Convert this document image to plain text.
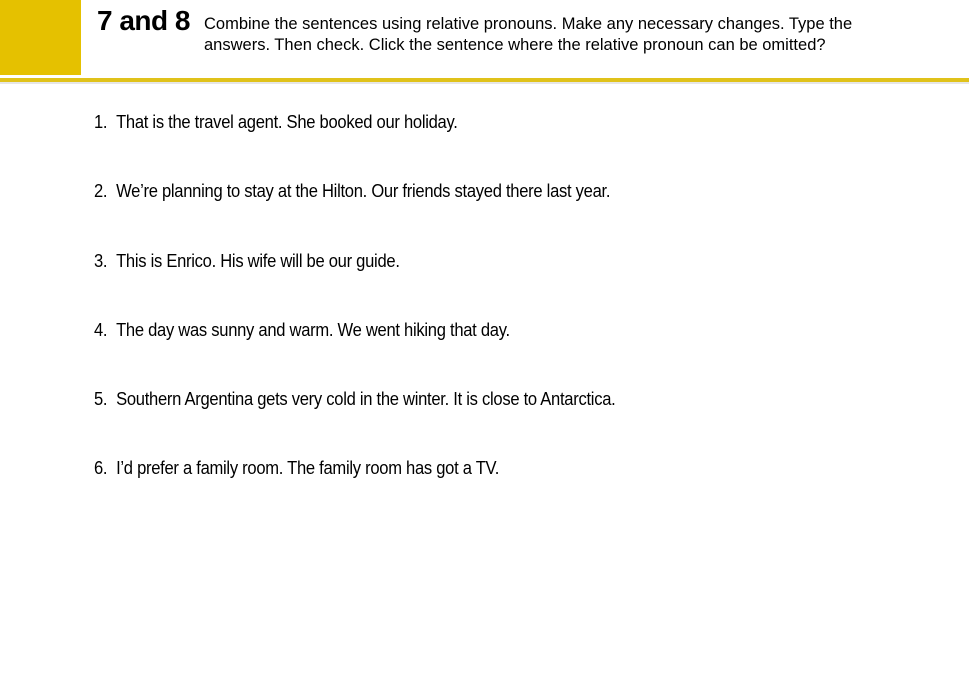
7 and 8 Combine the sentences using relative pronouns. Make any necessary changes. Type the answers. Then check. Click the sentence where the relative pronoun can be omitted?

1. That is the travel agent. She booked our holiday.
2. We’re planning to stay at the Hilton. Our friends stayed there last year.
3. This is Enrico. His wife will be our guide.
4. The day was sunny and warm. We went hiking that day.
5. Southern Argentina gets very cold in the winter. It is close to Antarctica.
6. I’d prefer a family room. The family room has got a TV.
